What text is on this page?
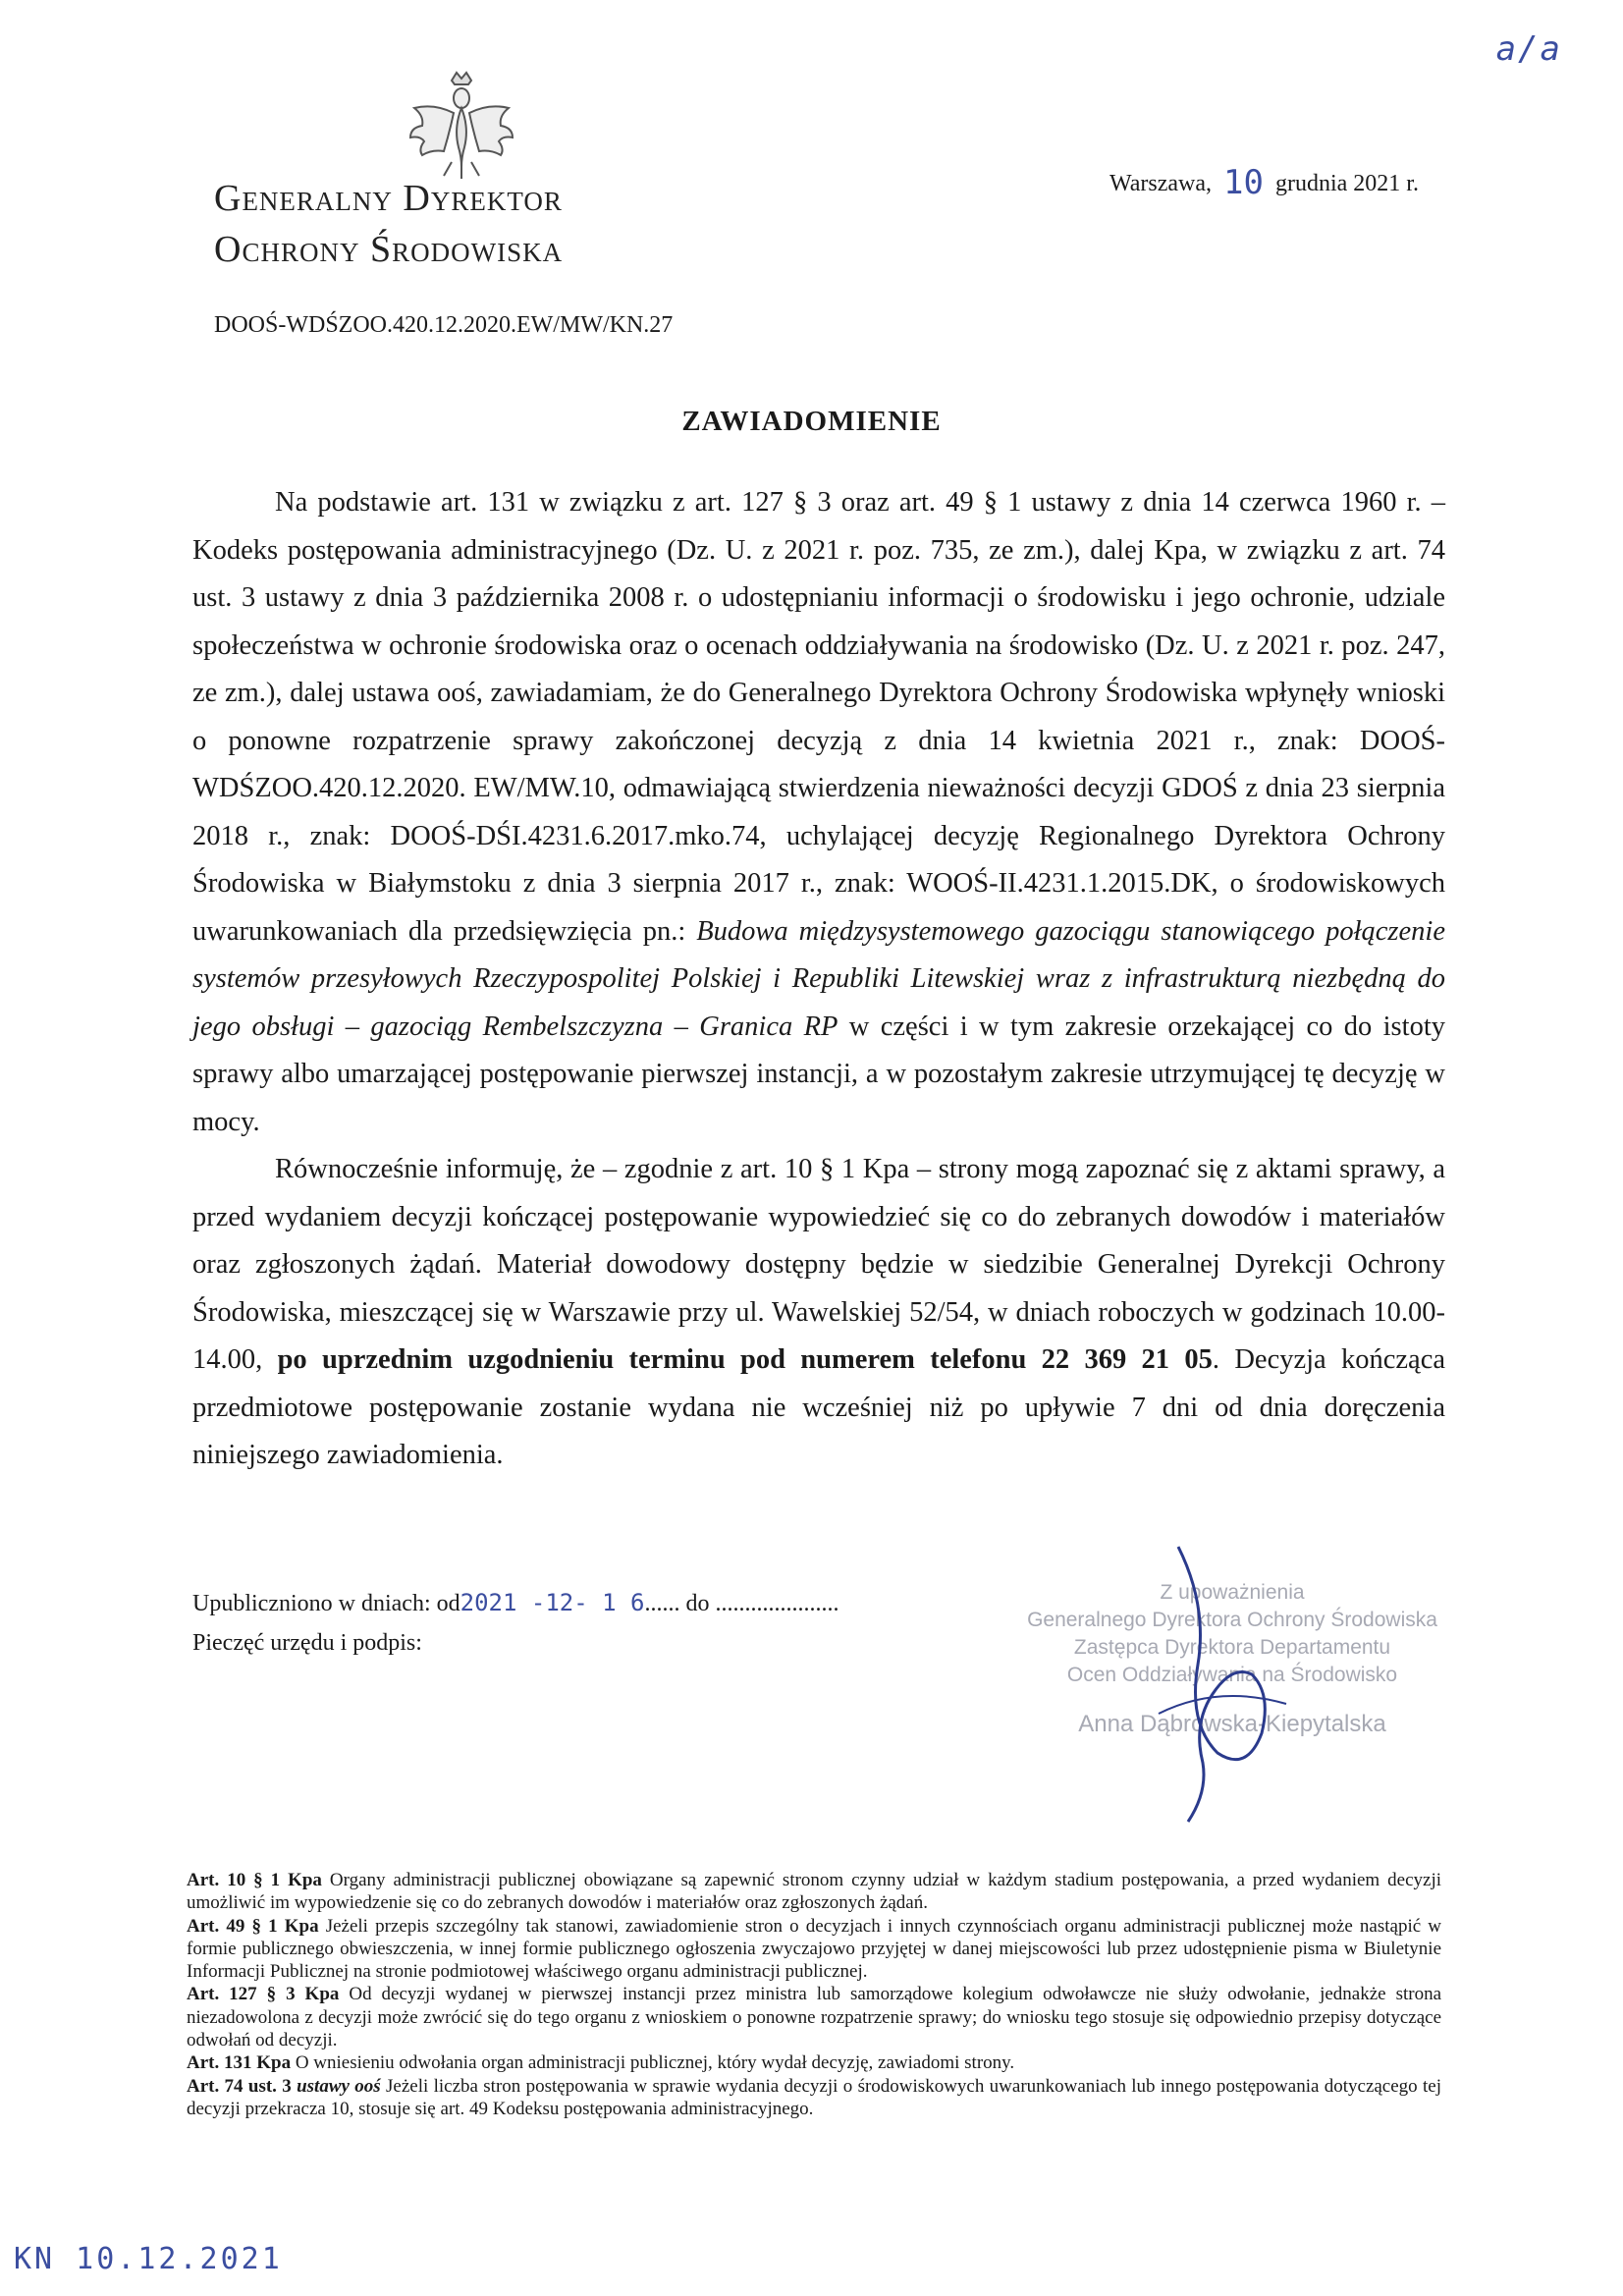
a/a
Generalny Dyrektor
Ochrony Środowiska
Warszawa, 10 grudnia 2021 r.
DOOŚ-WDŚZOO.420.12.2020.EW/MW/KN.27
ZAWIADOMIENIE

Na podstawie art. 131 w związku z art. 127 § 3 oraz art. 49 § 1 ustawy z dnia 14 czerwca 1960 r. – Kodeks postępowania administracyjnego (Dz. U. z 2021 r. poz. 735, ze zm.), dalej Kpa, w związku z art. 74 ust. 3 ustawy z dnia 3 października 2008 r. o udostępnianiu informacji o środowisku i jego ochronie, udziale społeczeństwa w ochronie środowiska oraz o ocenach oddziaływania na środowisko (Dz. U. z 2021 r. poz. 247, ze zm.), dalej ustawa ooś, zawiadamiam, że do Generalnego Dyrektora Ochrony Środowiska wpłynęły wnioski o ponowne rozpatrzenie sprawy zakończonej decyzją z dnia 14 kwietnia 2021 r., znak: DOOŚ-WDŚZOO.420.12.2020. EW/MW.10, odmawiającą stwierdzenia nieważności decyzji GDOŚ z dnia 23 sierpnia 2018 r., znak: DOOŚ-DŚI.4231.6.2017.mko.74, uchylającej decyzję Regionalnego Dyrektora Ochrony Środowiska w Białymstoku z dnia 3 sierpnia 2017 r., znak: WOOŚ-II.4231.1.2015.DK, o środowiskowych uwarunkowaniach dla przedsięwzięcia pn.: Budowa międzysystemowego gazociągu stanowiącego połączenie systemów przesyłowych Rzeczypospolitej Polskiej i Republiki Litewskiej wraz z infrastrukturą niezbędną do jego obsługi – gazociąg Rembelszczyzna – Granica RP w części i w tym zakresie orzekającej co do istoty sprawy albo umarzającej postępowanie pierwszej instancji, a w pozostałym zakresie utrzymującej tę decyzję w mocy.

Równocześnie informuję, że – zgodnie z art. 10 § 1 Kpa – strony mogą zapoznać się z aktami sprawy, a przed wydaniem decyzji kończącej postępowanie wypowiedzieć się co do zebranych dowodów i materiałów oraz zgłoszonych żądań. Materiał dowodowy dostępny będzie w siedzibie Generalnej Dyrekcji Ochrony Środowiska, mieszczącej się w Warszawie przy ul. Wawelskiej 52/54, w dniach roboczych w godzinach 10.00-14.00, po uprzednim uzgodnieniu terminu pod numerem telefonu 22 369 21 05. Decyzja kończąca przedmiotowe postępowanie zostanie wydana nie wcześniej niż po upływie 7 dni od dnia doręczenia niniejszego zawiadomienia.

Upubliczniono w dniach: od2021 -12- 1 6...... do .....................
Pieczęć urzędu i podpis:
Z upoważnienia
Generalnego Dyrektora Ochrony Środowiska
Zastępca Dyrektora Departamentu
Ocen Oddziaływania na Środowisko
Anna Dąbrowska-Kiepytalska

Art. 10 § 1 Kpa Organy administracji publicznej obowiązane są zapewnić stronom czynny udział w każdym stadium postępowania, a przed wydaniem decyzji umożliwić im wypowiedzenie się co do zebranych dowodów i materiałów oraz zgłoszonych żądań.

Art. 49 § 1 Kpa Jeżeli przepis szczególny tak stanowi, zawiadomienie stron o decyzjach i innych czynnościach organu administracji publicznej może nastąpić w formie publicznego obwieszczenia, w innej formie publicznego ogłoszenia zwyczajowo przyjętej w danej miejscowości lub przez udostępnienie pisma w Biuletynie Informacji Publicznej na stronie podmiotowej właściwego organu administracji publicznej.

Art. 127 § 3 Kpa Od decyzji wydanej w pierwszej instancji przez ministra lub samorządowe kolegium odwoławcze nie służy odwołanie, jednakże strona niezadowolona z decyzji może zwrócić się do tego organu z wnioskiem o ponowne rozpatrzenie sprawy; do wniosku tego stosuje się odpowiednio przepisy dotyczące odwołań od decyzji.

Art. 131 Kpa O wniesieniu odwołania organ administracji publicznej, który wydał decyzję, zawiadomi strony.

Art. 74 ust. 3 ustawy ooś Jeżeli liczba stron postępowania w sprawie wydania decyzji o środowiskowych uwarunkowaniach lub innego postępowania dotyczącego tej decyzji przekracza 10, stosuje się art. 49 Kodeksu postępowania administracyjnego.

KN 10.12.2021
